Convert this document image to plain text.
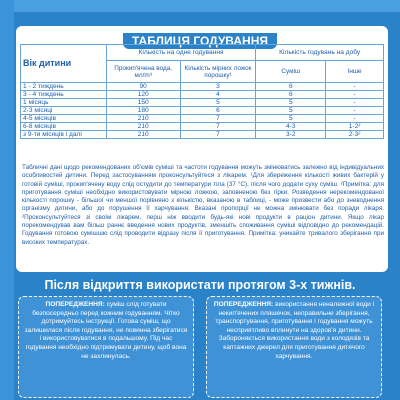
ТАБЛИЦЯ ГОДУВАННЯ
Вік дитини	Кількість на одне годування		Кількість годувань на добу	
	Прокип'ячена вода, мл/m³	Кількість мірних ложок порошку¹	Суміш	Інше
1 - 2 тиждень	90	3	6	-
3 - 4 тиждень	120	4	6	-
1 місяць	150	5	5	-
2-3 місяці	180	6	5	-
4-5 місяців	210	7	5	-
6-8 місяців	210	7	4-3	1-2²
з 9-ти місяців і далі	210	7	3-2	2-3²
Табличні дані щодо рекомендованих об'ємів суміші та частоти годування можуть змінюватись залежно від індивідуальних особливостей дитини. Перед застосуванням проконсультуйтеся з лікарем. ¹Для збереження кількості живих бактерій у готовій суміші, прокип'ячену воду слід остудити до температури тіла (37 °С), після чого додати суху суміш. ²Примітка: для приготування суміші необхідно використовувати мірною ложкою, заповненою без гірки. Розведення нерекомендованої кількості порошку - більшої чи меншої порівняно з кількістю, вказаною в таблиці, - може призвести або до зневоднення організму дитини, або до порушення її харчування. Вказані пропорції не можна змінювати без поради лікаря. ²Проконсультуйтеся зі своїм лікарем, перш ніж вводити будь-які нові продукти в раціон дитини. Якщо лікар порекомендував вам більш раннє введення нових продуктів, зменшіть споживання суміші відповідно до рекомендацій. Годування готовою сумішшю слід проводити відразу після її приготування. Примітка: уникайте тривалого зберігання при високих температурах.
Після відкриття використати протягом 3-х тижнів.
ПОПЕРЕДЖЕННЯ: суміш слід готувати безпосередньо перед кожним годуванням. Чітко дотримуйтесь інструкції. Готова суміш, що залишилася після годування, не повинна зберігатися і використовуватися в подальшому. Під час годування необхідно підтримувати дитину, щоб вона не захлинулась.
ПОПЕРЕДЖЕННЯ: використання неналежної води і некип'ячених пляшечок, неправильне зберігання, транспортування, приготування і годування можуть несприятливо вплинути на здоров'я дитини. Забороняється використання води з колодязів та каптажних джерел для приготування дитячого харчування.
